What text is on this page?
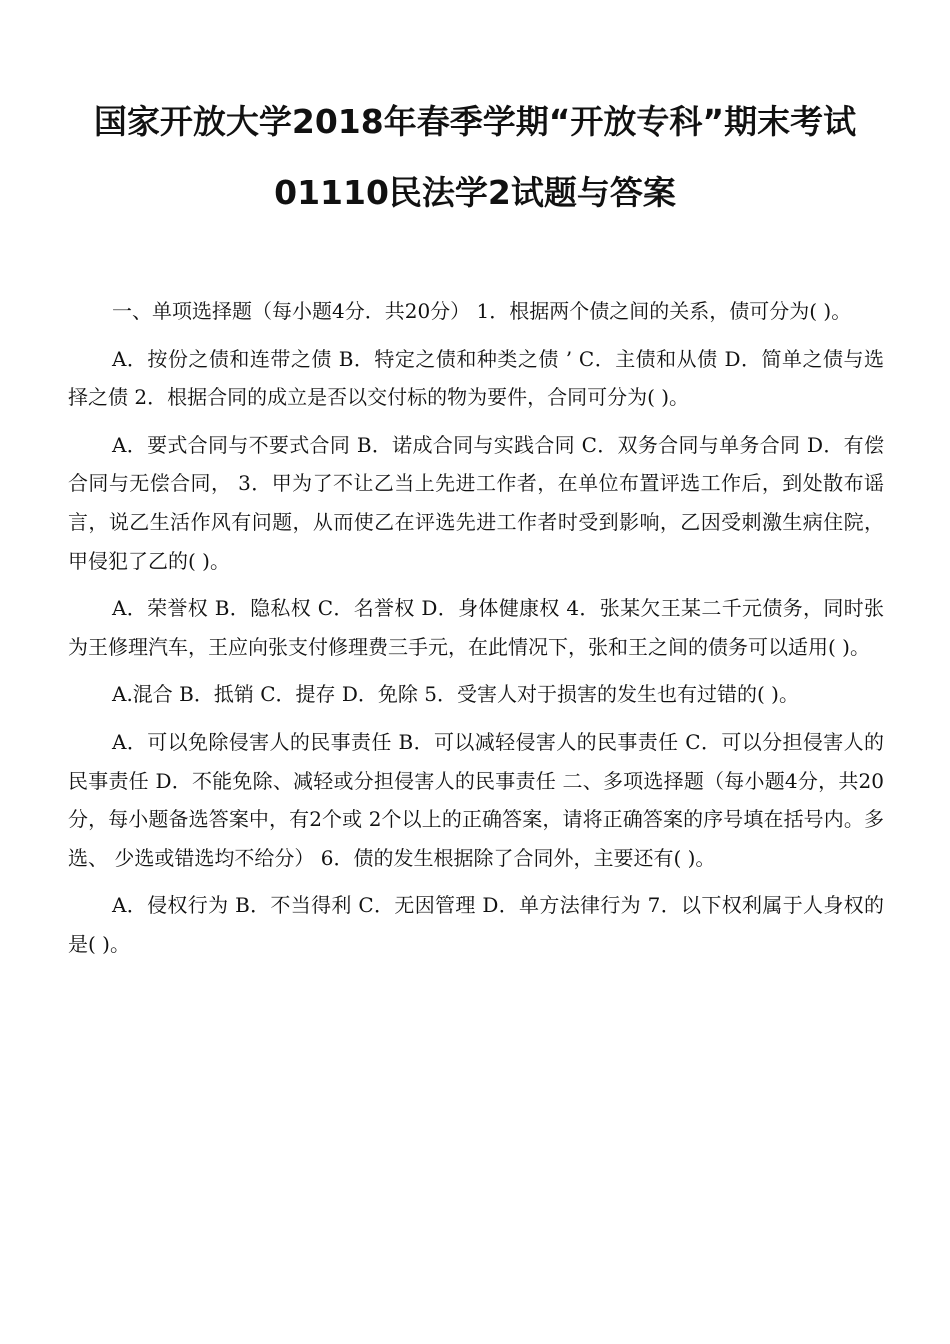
国家开放大学2018年春季学期“开放专科”期末考试
01110民法学2试题与答案

一、单项选择题（每小题4分．共20分） 1．根据两个债之间的关系，债可分为( )。

A．按份之债和连带之债 B．特定之债和种类之债 ’ C．主债和从债 D．简单之债与选择之债 2．根据合同的成立是否以交付标的物为要件，合同可分为( )。

A．要式合同与不要式合同 B．诺成合同与实践合同 C．双务合同与单务合同 D．有偿合同与无偿合同， 3．甲为了不让乙当上先进工作者，在单位布置评选工作后，到处散布谣言，说乙生活作风有问题，从而使乙在评选先进工作者时受到影响，乙因受刺激生病住院，甲侵犯了乙的( )。

A．荣誉权 B．隐私权 C．名誉权 D．身体健康权 4．张某欠王某二千元债务，同时张为王修理汽车，王应向张支付修理费三手元，在此情况下，张和王之间的债务可以适用( )。

A.混合 B．抵销 C．提存 D．免除 5．受害人对于损害的发生也有过错的( )。

A．可以免除侵害人的民事责任 B．可以减轻侵害人的民事责任 C．可以分担侵害人的民事责任 D．不能免除、减轻或分担侵害人的民事责任 二、多项选择题（每小题4分，共20分，每小题备选答案中，有2个或 2个以上的正确答案，请将正确答案的序号填在括号内。多选、 少选或错选均不给分） 6．债的发生根据除了合同外，主要还有( )。

A．侵权行为 B．不当得利 C．无因管理 D．单方法律行为 7．以下权利属于人身权的是( )。
